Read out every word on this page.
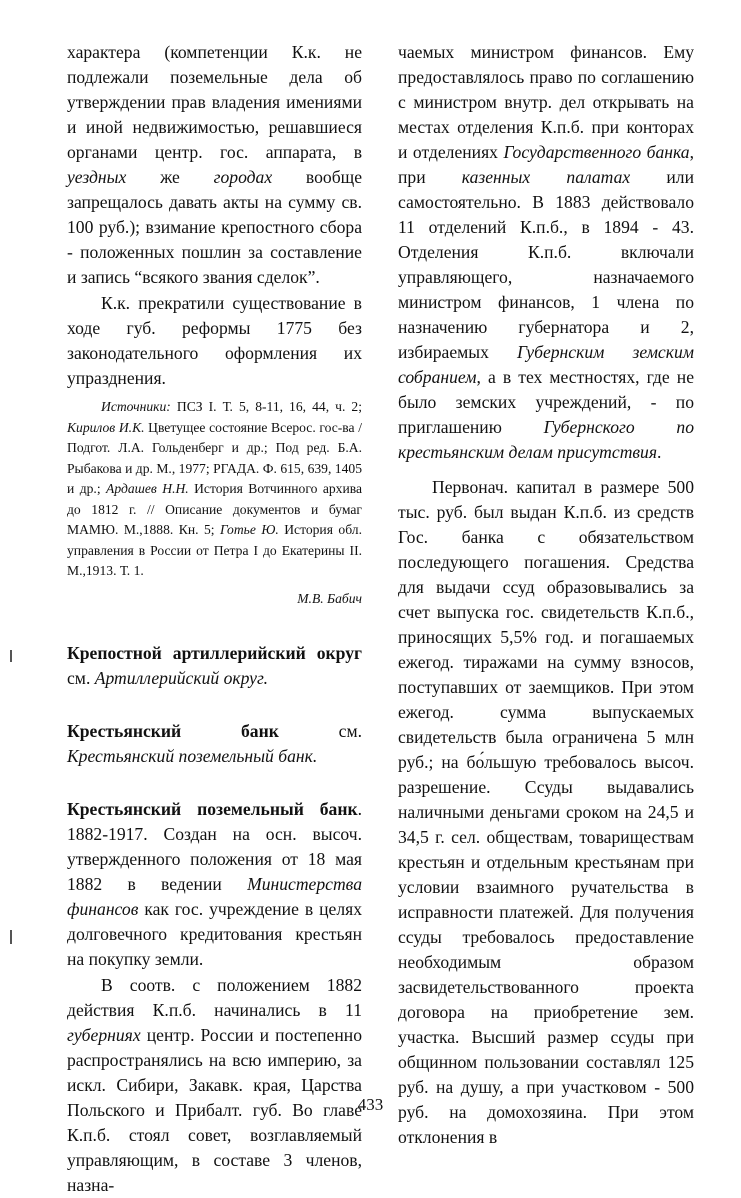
характера (компетенции К.к. не подлежали поземельные дела об утверждении прав владения имениями и иной недвижимостью, решавшиеся органами центр. гос. аппарата, в уездных же городах вообще запрещалось давать акты на сумму св. 100 руб.); взимание крепостного сбора - положенных пошлин за составление и запись “всякого звания сделок”.

К.к. прекратили существование в ходе губ. реформы 1775 без законодательного оформления их упразднения.

Источники: ПСЗ I. Т. 5, 8-11, 16, 44, ч. 2; Кирилов И.К. Цветущее состояние Всерос. гос-ва / Подгот. Л.А. Гольденберг и др.; Под ред. Б.А. Рыбакова и др. М., 1977; РГАДА. Ф. 615, 639, 1405 и др.; Ардашев Н.Н. История Вотчинного архива до 1812 г. // Описание документов и бумаг МАМЮ. М.,1888. Кн. 5; Готье Ю. История обл. управления в России от Петра I до Екатерины II. М.,1913. Т. 1.

М.В. Бабич

Крепостной артиллерийский округ см. Артиллерийский округ.

Крестьянский банк см. Крестьянский поземельный банк.

Крестьянский поземельный банк. 1882-1917. Создан на осн. высоч. утвержденного положения от 18 мая 1882 в ведении Министерства финансов как гос. учреждение в целях долговечного кредитования крестьян на покупку земли.

В соотв. с положением 1882 действия К.п.б. начинались в 11 губерниях центр. России и постепенно распространялись на всю империю, за искл. Сибири, Закавк. края, Царства Польского и Прибалт. губ. Во главе К.п.б. стоял совет, возглавляемый управляющим, в составе 3 членов, назна-

чаемых министром финансов. Ему предоставлялось право по соглашению с министром внутр. дел открывать на местах отделения К.п.б. при конторах и отделениях Государственного банка, при казенных палатах или самостоятельно. В 1883 действовало 11 отделений К.п.б., в 1894 - 43. Отделения К.п.б. включали управляющего, назначаемого министром финансов, 1 члена по назначению губернатора и 2, избираемых Губернским земским собранием, а в тех местностях, где не было земских учреждений, - по приглашению Губернского по крестьянским делам присутствия.

Первонач. капитал в размере 500 тыс. руб. был выдан К.п.б. из средств Гос. банка с обязательством последующего погашения. Средства для выдачи ссуд образовывались за счет выпуска гос. свидетельств К.п.б., приносящих 5,5% год. и погашаемых ежегод. тиражами на сумму взносов, поступавших от заемщиков. При этом ежегод. сумма выпускаемых свидетельств была ограничена 5 млн руб.; на бо́льшую требовалось высоч. разрешение. Ссуды выдавались наличными деньгами сроком на 24,5 и 34,5 г. сел. обществам, товариществам крестьян и отдельным крестьянам при условии взаимного ручательства в исправности платежей. Для получения ссуды требовалось предоставление необходимым образом засвидетельствованного проекта договора на приобретение зем. участка. Высший размер ссуды при общинном пользовании составлял 125 руб. на душу, а при участковом - 500 руб. на домохозяина. При этом отклонения в

433
